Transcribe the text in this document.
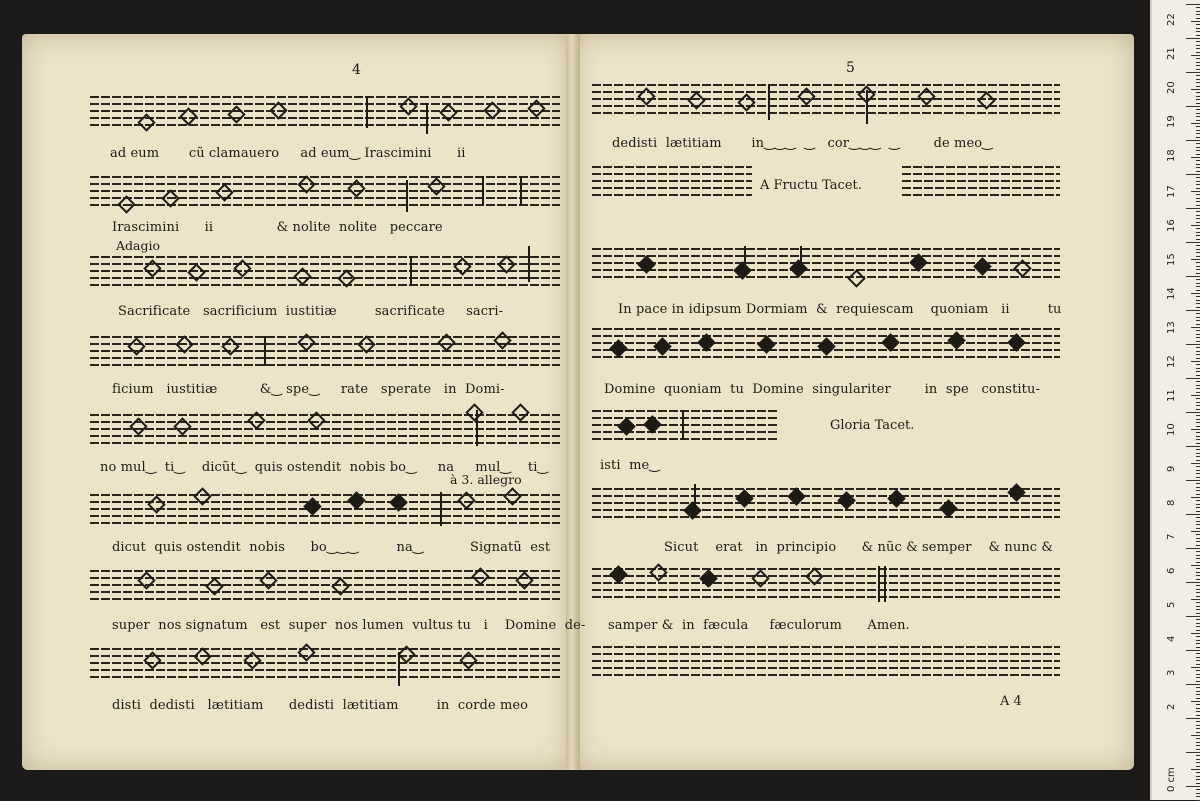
4	5
ad eum       cũ clamauero     ad eum‿ Irascimini      ii
Irascimini      ii               & nolite  nolite   peccare
Adagio
Sacrificate   sacrificium  iustitiæ         sacrificate     sacri-
ficium   iustitiæ          &‿ spe‿     rate   sperate   in  Domi-
no mul‿  ti‿    dicũt‿  quis ostendit  nobis bo‿     na     mul‿    ti‿
à 3. allegro
dicut  quis ostendit  nobis      bo‿‿‿         na‿           Signatũ  est
super  nos signatum   est  super  nos lumen  vultus tu   i    Domine  de-
disti  dedisti   lætitiam      dedisti  lætitiam         in  corde meo
dedisti  lætitiam       in‿‿‿  ‿   cor‿‿‿  ‿        de meo‿
A Fructu Tacet.
In pace in idipsum Dormiam  &  requiescam    quoniam   ii         tu
Domine  quoniam  tu  Domine  singulariter        in  spe   constitu-
Gloria Tacet.
isti  me‿
Sicut    erat   in  principio      & nũc & semper    & nunc &
samper &  in  fæcula     fæculorum      Amen.
A 4
0 cm
2
3
4
5
6
7
8
9
10
11
12
13
14
15
16
17
18
19
20
21
22
